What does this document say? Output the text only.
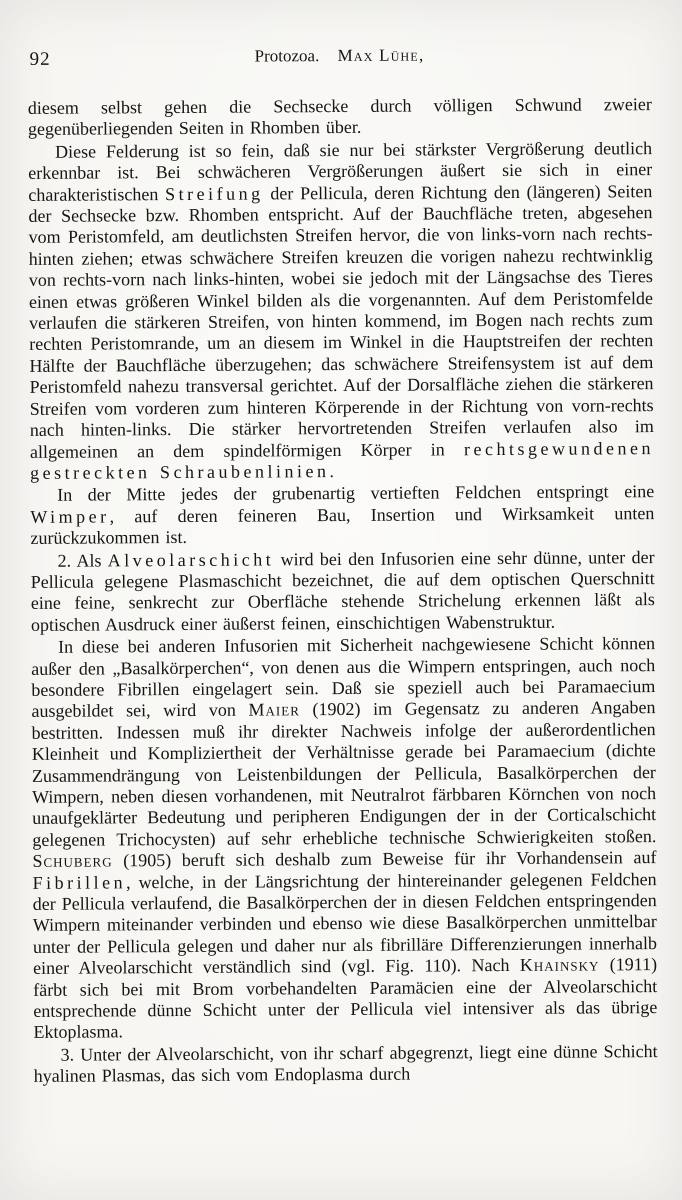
92	Protozoa. Max Lühe,

diesem selbst gehen die Sechsecke durch völligen Schwund zweier gegenüberliegenden Seiten in Rhomben über.

Diese Felderung ist so fein, daß sie nur bei stärkster Vergrößerung deutlich erkennbar ist. Bei schwächeren Vergrößerungen äußert sie sich in einer charakteristischen Streifung der Pellicula, deren Richtung den (längeren) Seiten der Sechsecke bzw. Rhomben entspricht. Auf der Bauchfläche treten, abgesehen vom Peristomfeld, am deutlichsten Streifen hervor, die von links-vorn nach rechts-hinten ziehen; etwas schwächere Streifen kreuzen die vorigen nahezu rechtwinklig von rechts-vorn nach links-hinten, wobei sie jedoch mit der Längsachse des Tieres einen etwas größeren Winkel bilden als die vorgenannten. Auf dem Peristomfelde verlaufen die stärkeren Streifen, von hinten kommend, im Bogen nach rechts zum rechten Peristomrande, um an diesem im Winkel in die Hauptstreifen der rechten Hälfte der Bauchfläche überzugehen; das schwächere Streifensystem ist auf dem Peristomfeld nahezu transversal gerichtet. Auf der Dorsalfläche ziehen die stärkeren Streifen vom vorderen zum hinteren Körperende in der Richtung von vorn-rechts nach hinten-links. Die stärker hervortretenden Streifen verlaufen also im allgemeinen an dem spindelförmigen Körper in rechtsgewundenen gestreckten Schraubenlinien.

In der Mitte jedes der grubenartig vertieften Feldchen entspringt eine Wimper, auf deren feineren Bau, Insertion und Wirksamkeit unten zurückzukommen ist.

2. Als Alveolarschicht wird bei den Infusorien eine sehr dünne, unter der Pellicula gelegene Plasmaschicht bezeichnet, die auf dem optischen Querschnitt eine feine, senkrecht zur Oberfläche stehende Strichelung erkennen läßt als optischen Ausdruck einer äußerst feinen, einschichtigen Wabenstruktur.

In diese bei anderen Infusorien mit Sicherheit nachgewiesene Schicht können außer den „Basalkörperchen“, von denen aus die Wimpern entspringen, auch noch besondere Fibrillen eingelagert sein. Daß sie speziell auch bei Paramaecium ausgebildet sei, wird von Maier (1902) im Gegensatz zu anderen Angaben bestritten. Indessen muß ihr direkter Nachweis infolge der außerordentlichen Kleinheit und Kompliziertheit der Verhältnisse gerade bei Paramaecium (dichte Zusammendrängung von Leistenbildungen der Pellicula, Basalkörperchen der Wimpern, neben diesen vorhandenen, mit Neutralrot färbbaren Körnchen von noch unaufgeklärter Bedeutung und peripheren Endigungen der in der Corticalschicht gelegenen Trichocysten) auf sehr erhebliche technische Schwierigkeiten stoßen. Schuberg (1905) beruft sich deshalb zum Beweise für ihr Vorhandensein auf Fibrillen, welche, in der Längsrichtung der hintereinander gelegenen Feldchen der Pellicula verlaufend, die Basalkörperchen der in diesen Feldchen entspringenden Wimpern miteinander verbinden und ebenso wie diese Basalkörperchen unmittelbar unter der Pellicula gelegen und daher nur als fibrilläre Differenzierungen innerhalb einer Alveolarschicht verständlich sind (vgl. Fig. 110). Nach Khainsky (1911) färbt sich bei mit Brom vorbehandelten Paramäcien eine der Alveolarschicht entsprechende dünne Schicht unter der Pellicula viel intensiver als das übrige Ektoplasma.

3. Unter der Alveolarschicht, von ihr scharf abgegrenzt, liegt eine dünne Schicht hyalinen Plasmas, das sich vom Endoplasma durch
